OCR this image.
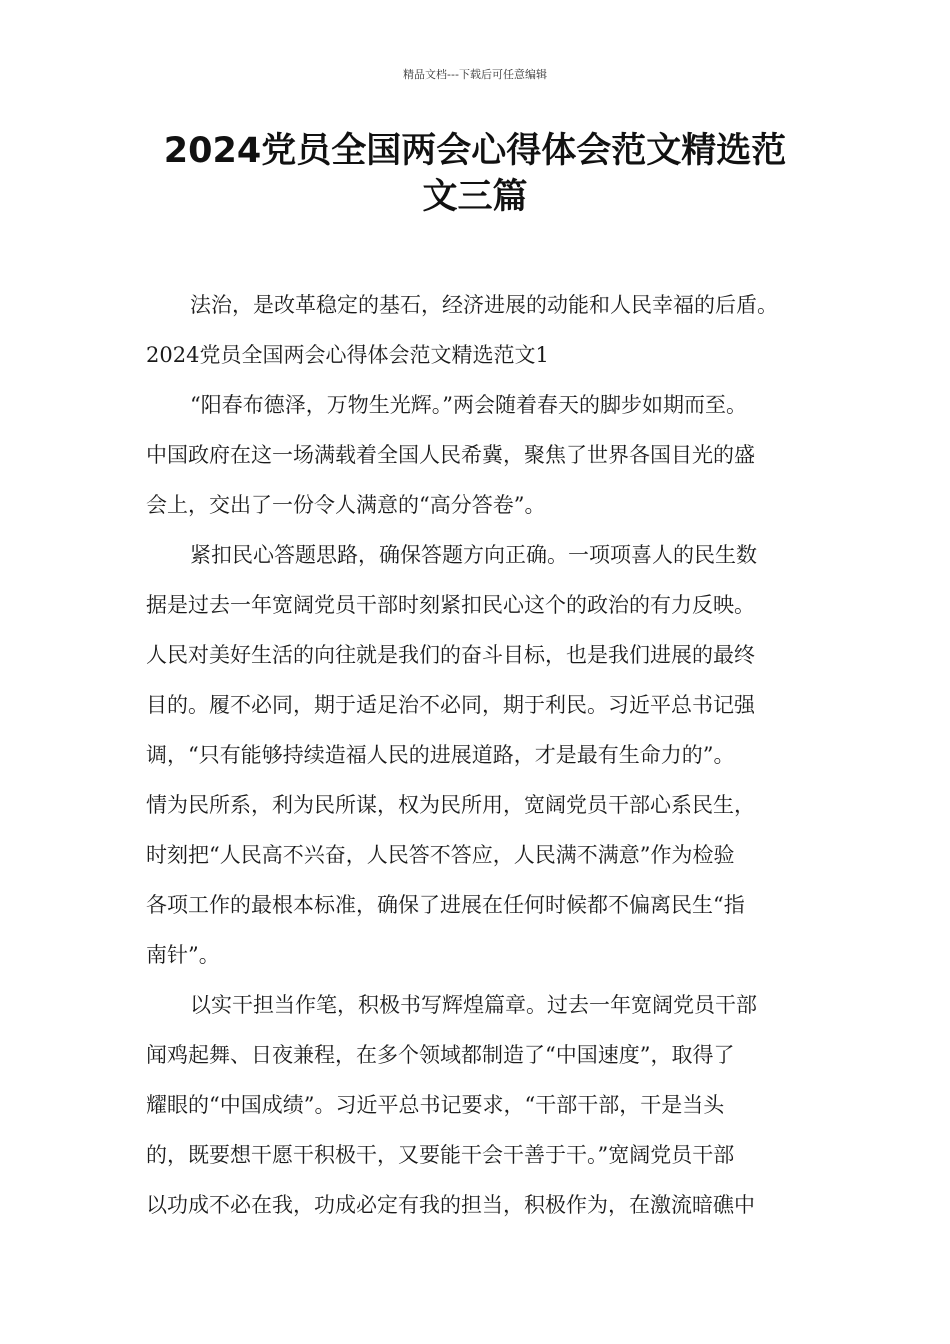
精品文档---下载后可任意编辑
2024党员全国两会心得体会范文精选范
文三篇
法治，是改革稳定的基石，经济进展的动能和人民幸福的后盾。
2024党员全国两会心得体会范文精选范文1
“阳春布德泽，万物生光辉。”两会随着春天的脚步如期而至。
中国政府在这一场满载着全国人民希冀，聚焦了世界各国目光的盛
会上，交出了一份令人满意的“高分答卷”。
紧扣民心答题思路，确保答题方向正确。一项项喜人的民生数
据是过去一年宽阔党员干部时刻紧扣民心这个的政治的有力反映。
人民对美好生活的向往就是我们的奋斗目标，也是我们进展的最终
目的。履不必同，期于适足治不必同，期于利民。习近平总书记强
调，“只有能够持续造福人民的进展道路，才是最有生命力的”。
情为民所系，利为民所谋，权为民所用，宽阔党员干部心系民生，
时刻把“人民高不兴奋，人民答不答应，人民满不满意”作为检验
各项工作的最根本标准，确保了进展在任何时候都不偏离民生“指
南针”。
以实干担当作笔，积极书写辉煌篇章。过去一年宽阔党员干部
闻鸡起舞、日夜兼程，在多个领域都制造了“中国速度”，取得了
耀眼的“中国成绩”。习近平总书记要求，“干部干部，干是当头
的，既要想干愿干积极干，又要能干会干善于干。”宽阔党员干部
以功成不必在我，功成必定有我的担当，积极作为，在激流暗礁中
